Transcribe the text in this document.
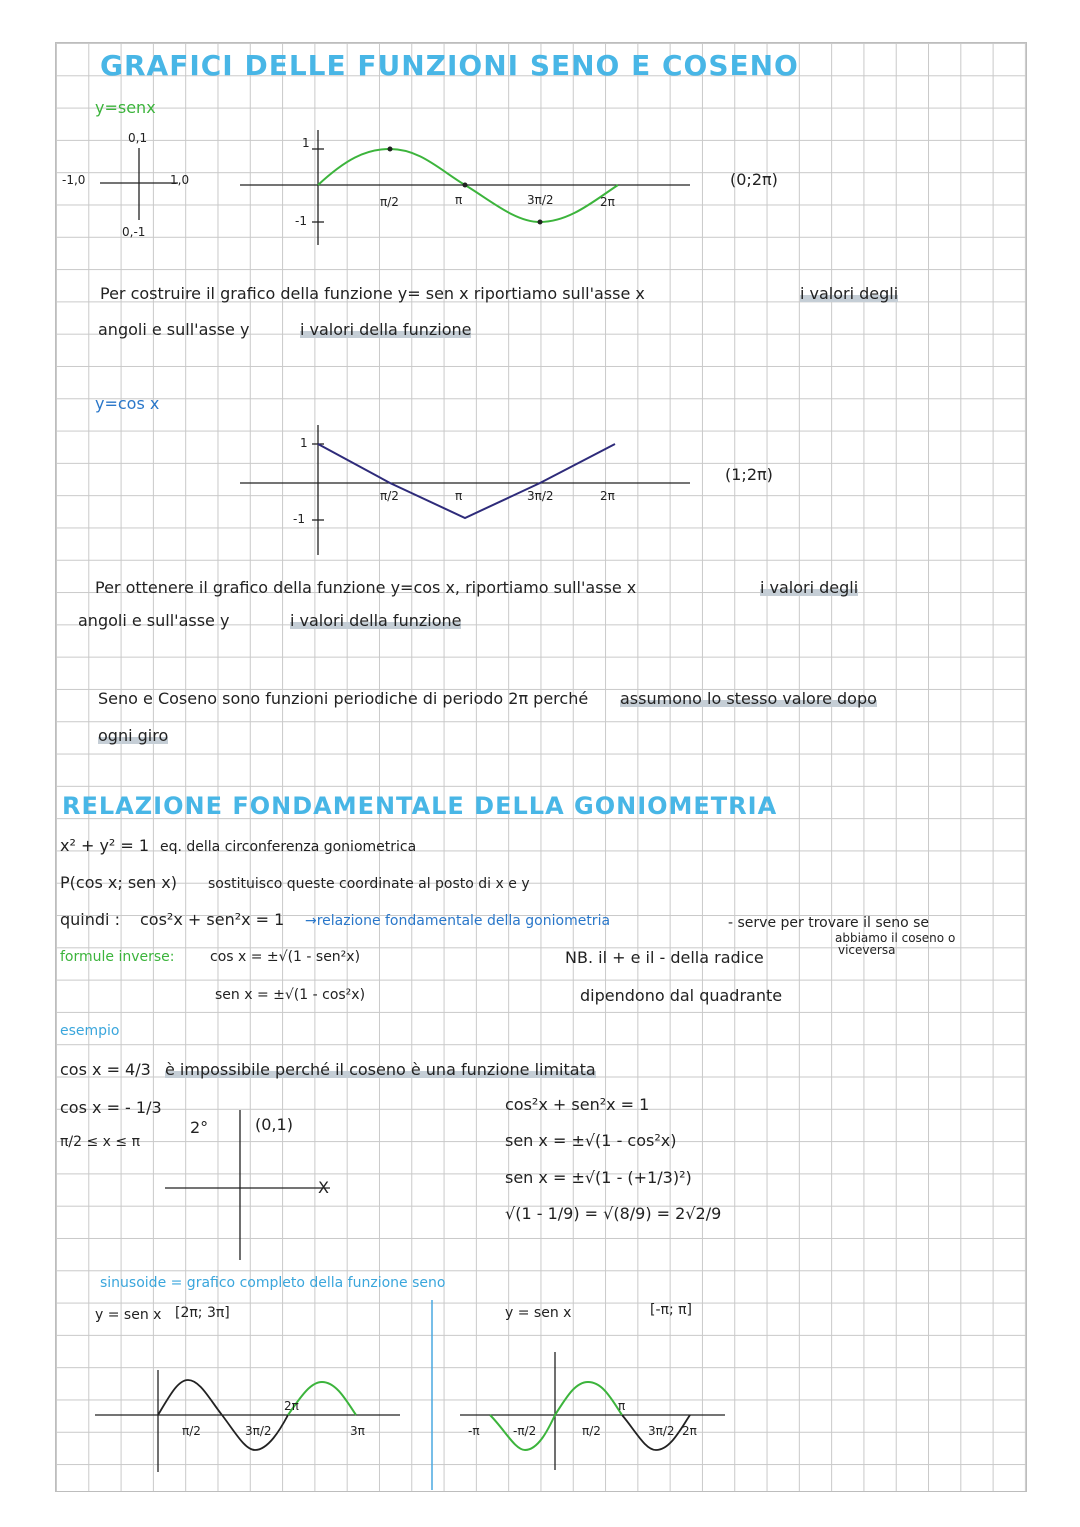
GRAFICI DELLE FUNZIONI SENO E COSENO
y=senx
0,1
-1,0	1,0
0,-1
1
-1
π/2	π	3π/2	2π
(0;2π)
Per costruire il grafico della funzione y= sen x riportiamo sull'asse x	i valori degli
angoli e sull'asse y	i valori della funzione
y=cos x
1
-1
π/2	π	3π/2	2π
(1;2π)
Per ottenere il grafico della funzione y=cos x, riportiamo sull'asse x	i valori degli
angoli e sull'asse y	i valori della funzione
Seno e Coseno sono funzioni periodiche di periodo 2π perché assumono lo stesso valore dopo
ogni giro
RELAZIONE FONDAMENTALE DELLA GONIOMETRIA
x² + y² = 1 eq. della circonferenza goniometrica
P(cos x; sen x) sostituisco queste coordinate al posto di x e y
quindi : cos²x + sen²x = 1 →relazione fondamentale della goniometria	- serve per trovare il seno se
abbiamo il coseno o
viceversa
formule inverse:	cos x = ±√(1 - sen²x)
sen x = ±√(1 - cos²x)
NB. il + e il - della radice
dipendono dal quadrante
esempio
cos x = 4/3 è impossibile perché il coseno è una funzione limitata
cos x = - 1/3
π/2 ≤ x ≤ π
2°	(0,1)
X
cos²x + sen²x = 1
sen x = ±√(1 - cos²x)
sen x = ±√(1 - (+1/3)²)
√(1 - 1/9) = √(8/9) = 2√2/9
sinusoide = grafico completo della funzione seno
y = sen x [2π; 3π]	y = sen x	[-π; π]
π/2	3π/2
2π
3π	-π	-π/2	π/2
π
3π/2 2π
